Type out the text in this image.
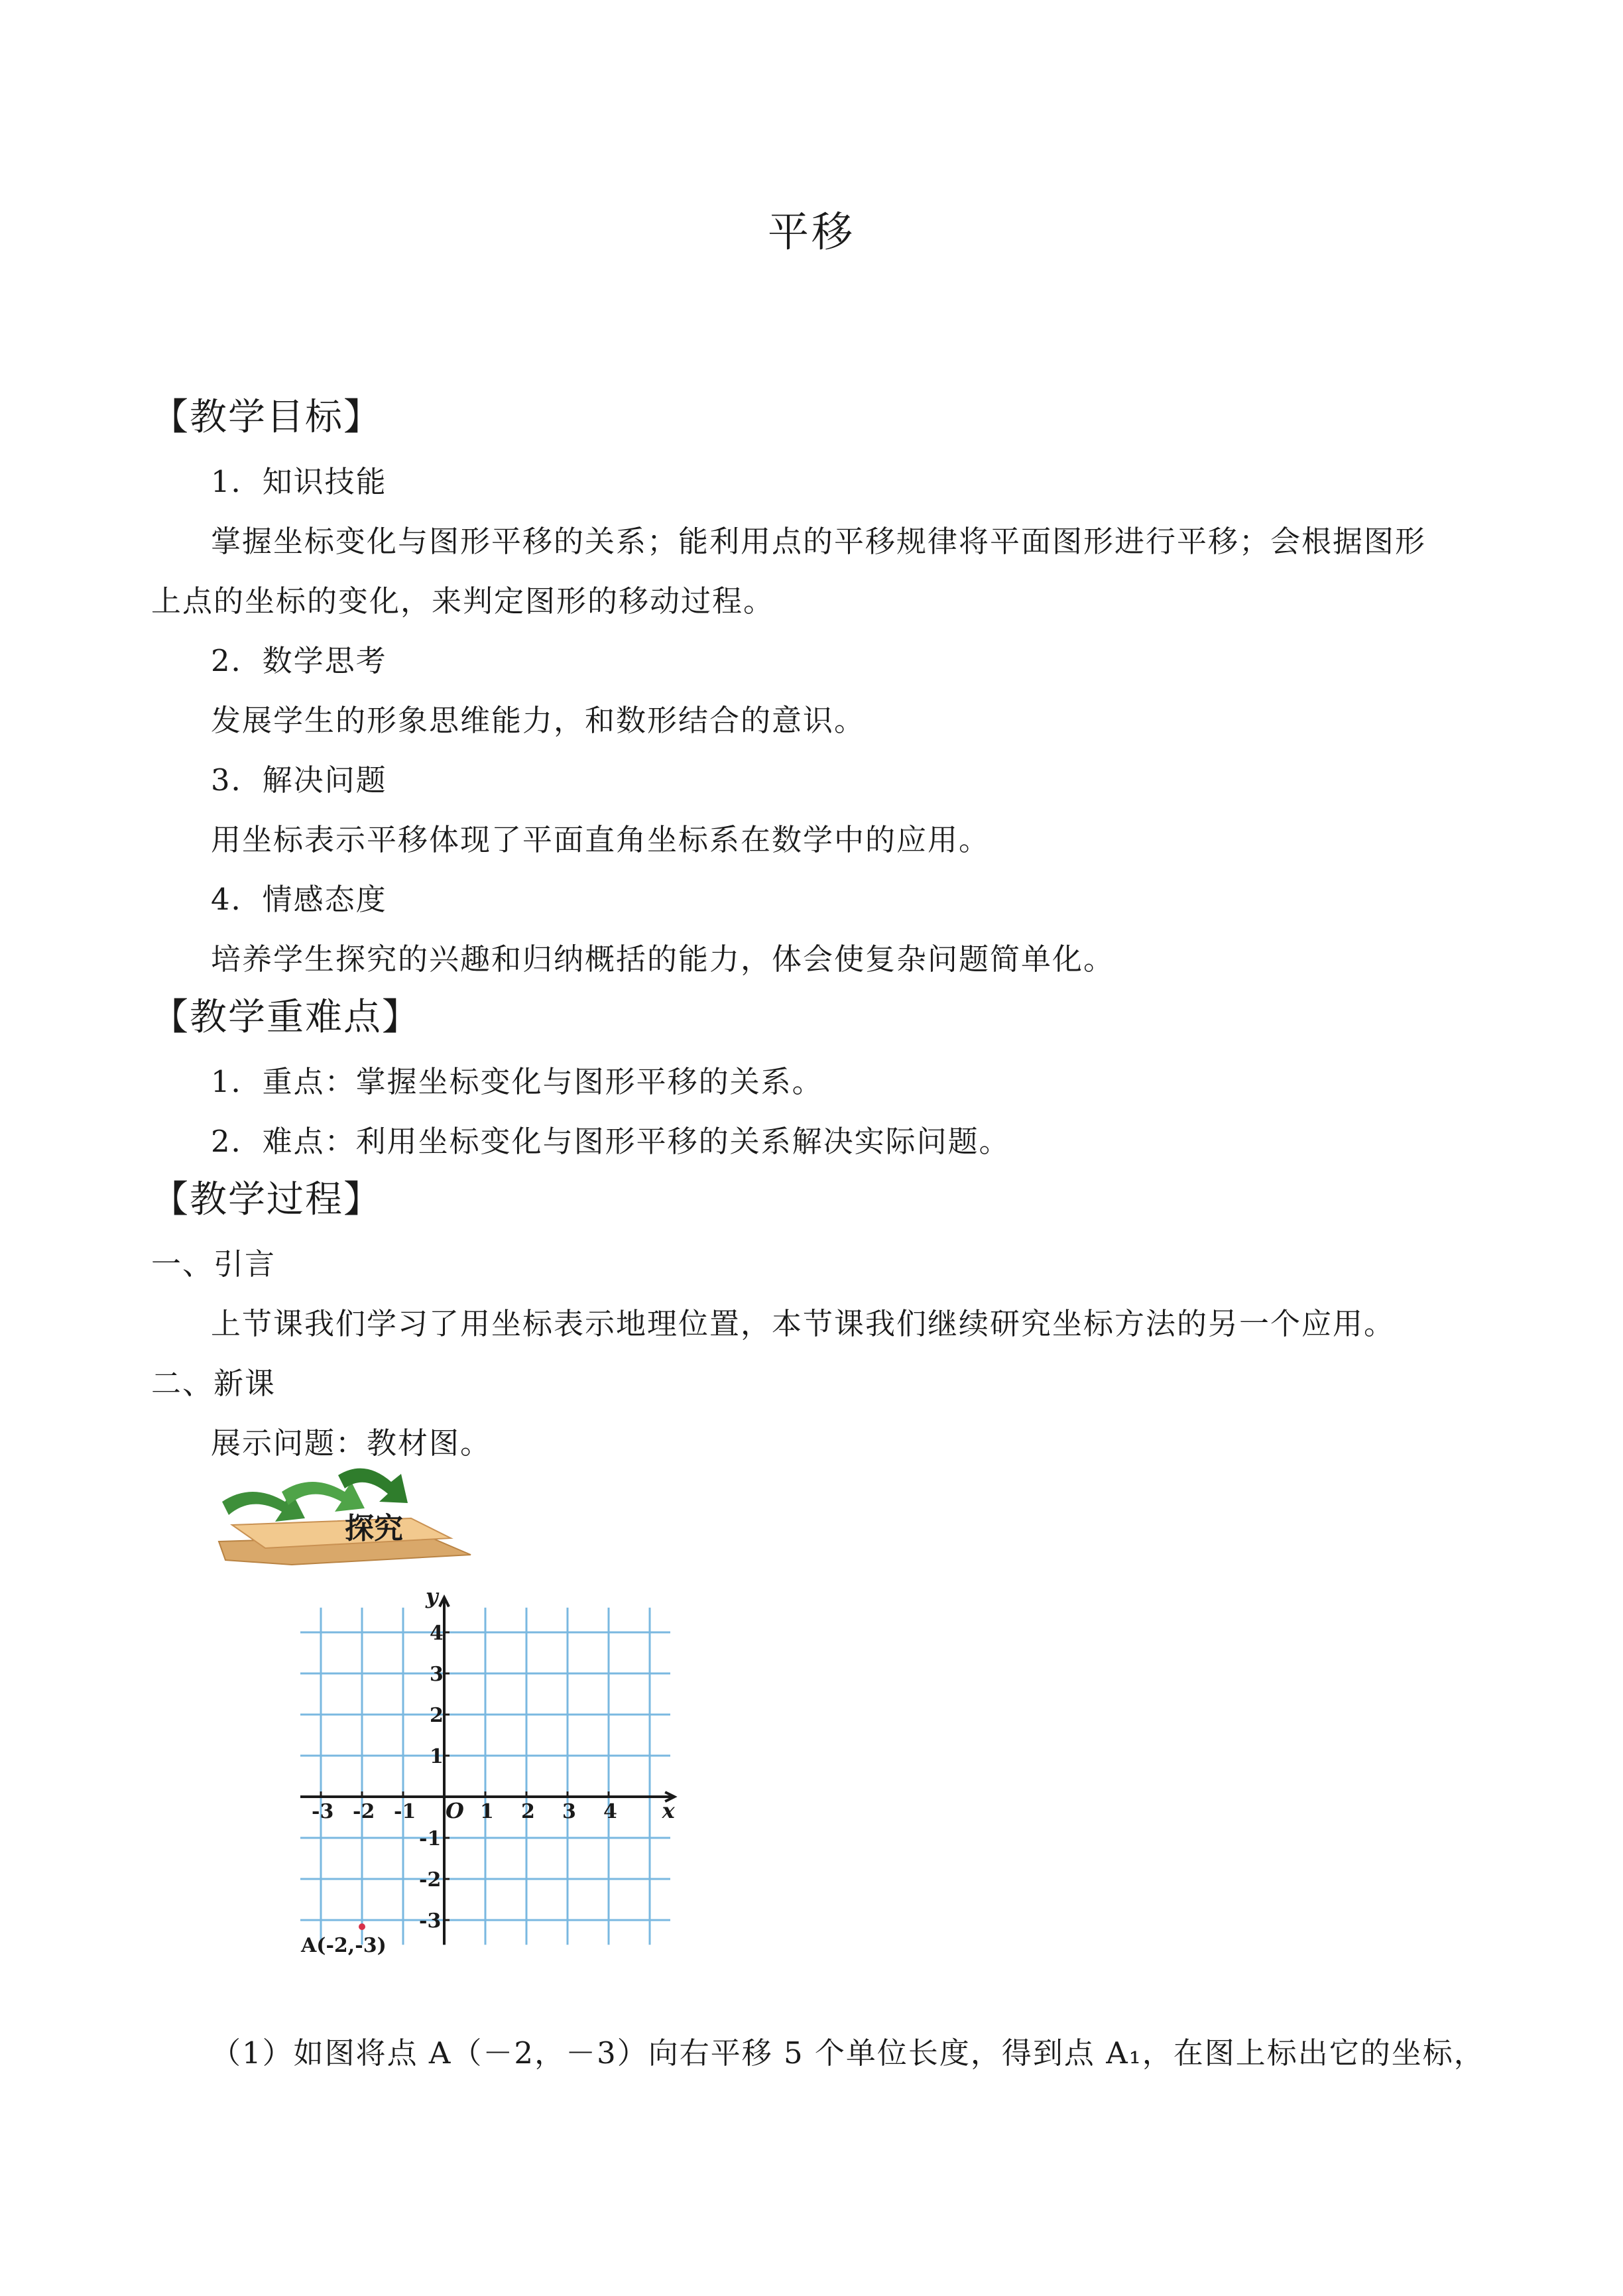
平移
【教学目标】
1．知识技能
掌握坐标变化与图形平移的关系；能利用点的平移规律将平面图形进行平移；会根据图形
上点的坐标的变化，来判定图形的移动过程。
2．数学思考
发展学生的形象思维能力，和数形结合的意识。
3．解决问题
用坐标表示平移体现了平面直角坐标系在数学中的应用。
4．情感态度
培养学生探究的兴趣和归纳概括的能力，体会使复杂问题简单化。
【教学重难点】
1．重点：掌握坐标变化与图形平移的关系。
2．难点：利用坐标变化与图形平移的关系解决实际问题。
【教学过程】
一、引言
上节课我们学习了用坐标表示地理位置，本节课我们继续研究坐标方法的另一个应用。
二、新课
展示问题：教材图。
探究
-3 -2 -1	1 2 3 4
4
3
2
1
-1
-2
-3
x
y
O
A(-2,-3)
（1）如图将点 A（－2，－3）向右平移 5 个单位长度，得到点 A₁，在图上标出它的坐标，
